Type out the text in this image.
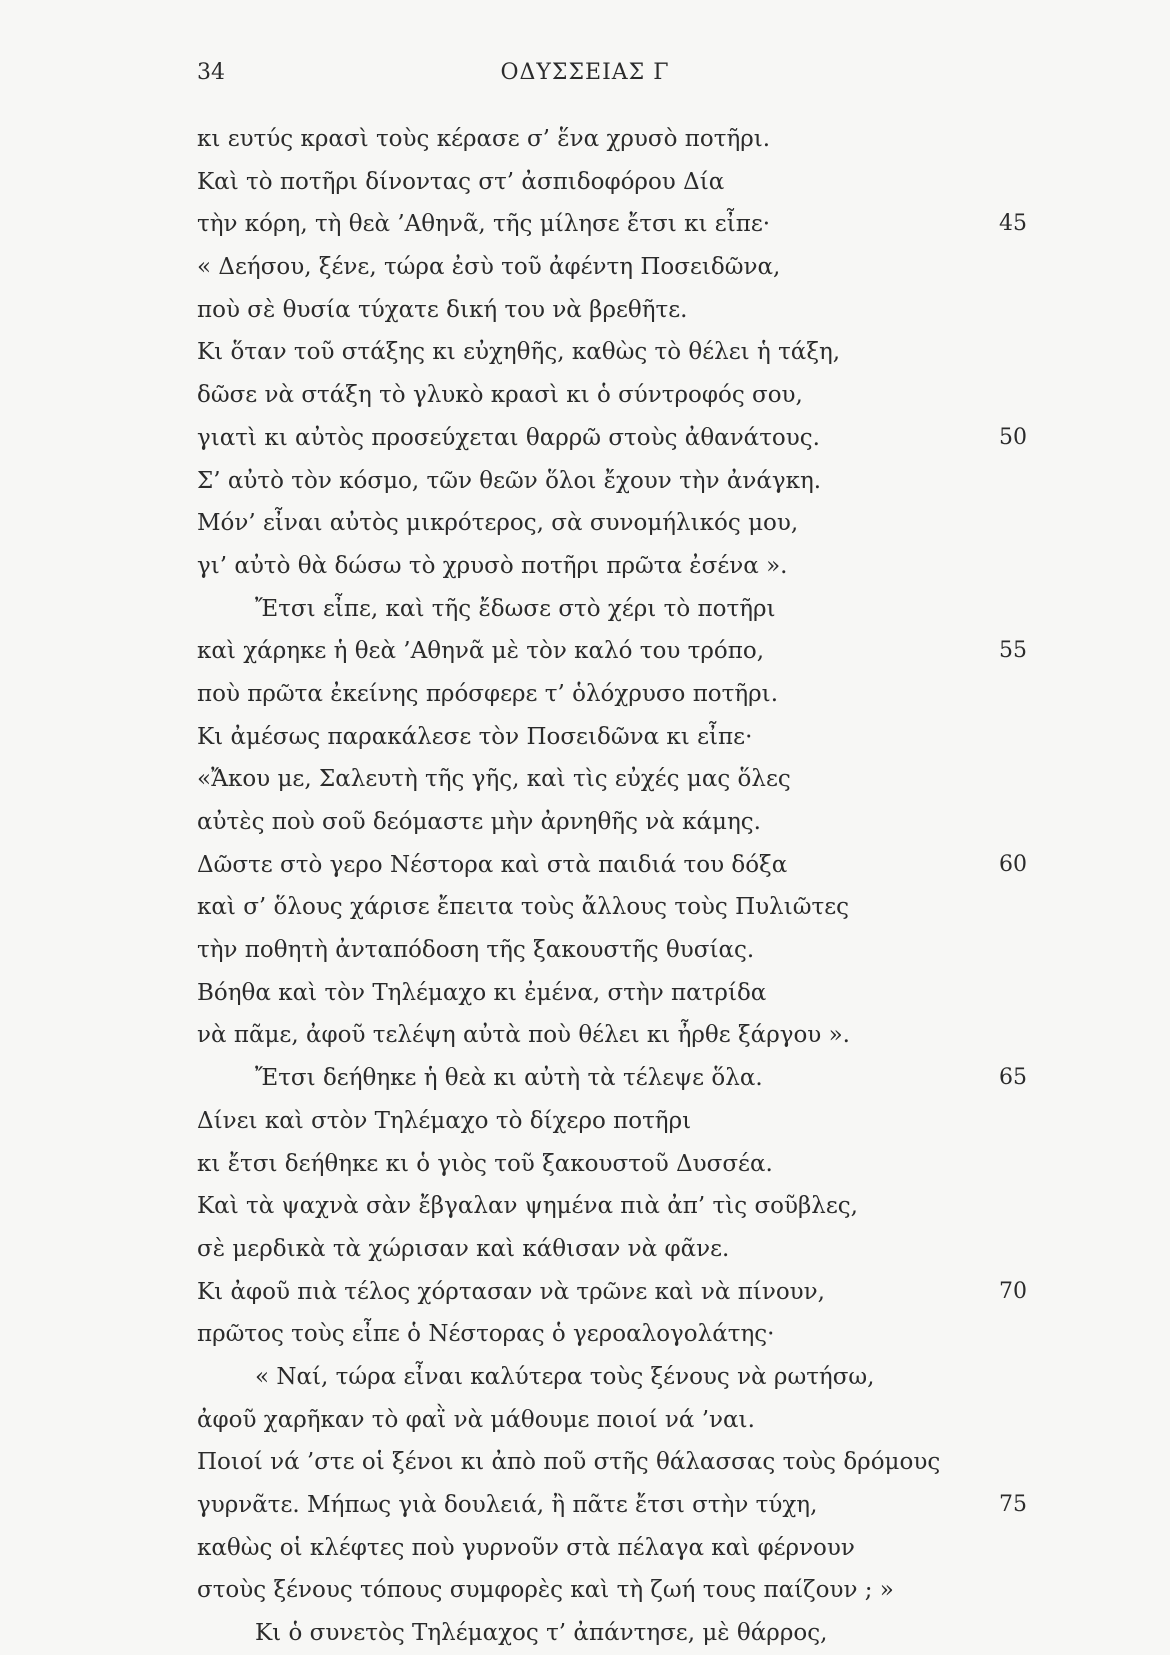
34	ΟΔΥΣΣΕΙΑΣ Γ
κι ευτύς κρασὶ τοὺς κέρασε σ’ ἕνα χρυσὸ ποτῆρι.
Καὶ τὸ ποτῆρι δίνοντας στ’ ἀσπιδοφόρου Δία
τὴν κόρη, τὴ θεὰ ’Αθηνᾶ, τῆς μίλησε ἔτσι κι εἶπε·	45
« Δεήσου, ξένε, τώρα ἐσὺ τοῦ ἀφέντη Ποσειδῶνα,
ποὺ σὲ θυσία τύχατε δική του νὰ βρεθῆτε.
Κι ὅταν τοῦ στάξης κι εὐχηθῆς, καθὼς τὸ θέλει ἡ τάξη,
δῶσε νὰ στάξη τὸ γλυκὸ κρασὶ κι ὁ σύντροφός σου,
γιατὶ κι αὐτὸς προσεύχεται θαρρῶ στοὺς ἀθανάτους.	50
Σ’ αὐτὸ τὸν κόσμο, τῶν θεῶν ὅλοι ἔχουν τὴν ἀνάγκη.
Μόν’ εἶναι αὐτὸς μικρότερος, σὰ συνομήλικός μου,
γι’ αὐτὸ θὰ δώσω τὸ χρυσὸ ποτῆρι πρῶτα ἐσένα ».
Ἔτσι εἶπε, καὶ τῆς ἔδωσε στὸ χέρι τὸ ποτῆρι
καὶ χάρηκε ἡ θεὰ ’Αθηνᾶ μὲ τὸν καλό του τρόπο,	55
ποὺ πρῶτα ἐκείνης πρόσφερε τ’ ὁλόχρυσο ποτῆρι.
Κι ἀμέσως παρακάλεσε τὸν Ποσειδῶνα κι εἶπε·
«Ἄκου με, Σαλευτὴ τῆς γῆς, καὶ τὶς εὐχές μας ὅλες
αὐτὲς ποὺ σοῦ δεόμαστε μὴν ἀρνηθῆς νὰ κάμης.
Δῶστε στὸ γερο Νέστορα καὶ στὰ παιδιά του δόξα	60
καὶ σ’ ὅλους χάρισε ἔπειτα τοὺς ἄλλους τοὺς Πυλιῶτες
τὴν ποθητὴ ἀνταπόδοση τῆς ξακουστῆς θυσίας.
Βόηθα καὶ τὸν Τηλέμαχο κι ἐμένα, στὴν πατρίδα
νὰ πᾶμε, ἀφοῦ τελέψη αὐτὰ ποὺ θέλει κι ἦρθε ξάργου ».
Ἔτσι δεήθηκε ἡ θεὰ κι αὐτὴ τὰ τέλεψε ὅλα.	65
Δίνει καὶ στὸν Τηλέμαχο τὸ δίχερο ποτῆρι
κι ἔτσι δεήθηκε κι ὁ γιὸς τοῦ ξακουστοῦ Δυσσέα.
Καὶ τὰ ψαχνὰ σὰν ἔβγαλαν ψημένα πιὰ ἀπ’ τὶς σοῦβλες,
σὲ μερδικὰ τὰ χώρισαν καὶ κάθισαν νὰ φᾶνε.
Κι ἀφοῦ πιὰ τέλος χόρτασαν νὰ τρῶνε καὶ νὰ πίνουν,	70
πρῶτος τοὺς εἶπε ὁ Νέστορας ὁ γεροαλογολάτης·
« Ναί, τώρα εἶναι καλύτερα τοὺς ξένους νὰ ρωτήσω,
ἀφοῦ χαρῆκαν τὸ φαῒ νὰ μάθουμε ποιοί νά ’ναι.
Ποιοί νά ’στε οἱ ξένοι κι ἀπὸ ποῦ στῆς θάλασσας τοὺς δρόμους
γυρνᾶτε. Μήπως γιὰ δουλειά, ἢ πᾶτε ἔτσι στὴν τύχη,	75
καθὼς οἱ κλέφτες ποὺ γυρνοῦν στὰ πέλαγα καὶ φέρνουν
στοὺς ξένους τόπους συμφορὲς καὶ τὴ ζωή τους παίζουν ; »
Κι ὁ συνετὸς Τηλέμαχος τ’ ἀπάντησε, μὲ θάρρος,
